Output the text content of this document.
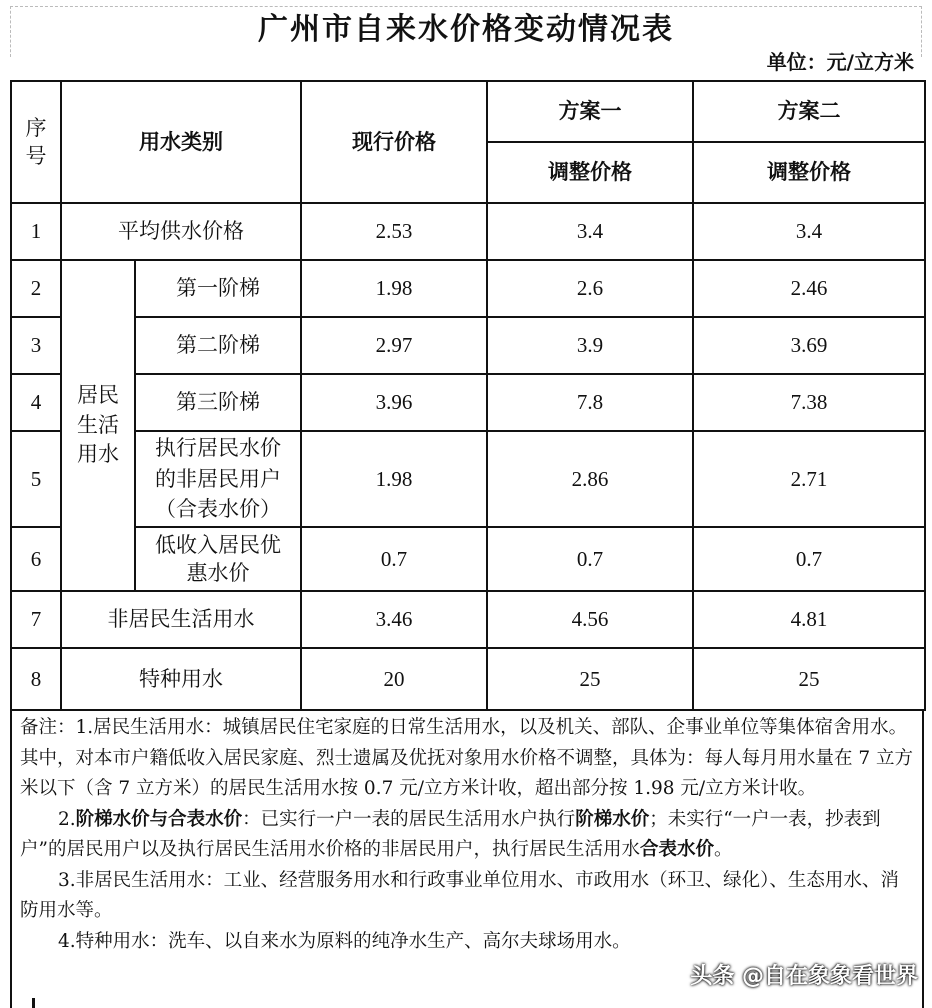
广州市自来水价格变动情况表
单位：元/立方米
序号	用水类别		现行价格	方案一	方案二
				调整价格	调整价格
1	平均供水价格		2.53	3.4	3.4
2	居民生活用水	第一阶梯	1.98	2.6	2.46
3		第二阶梯	2.97	3.9	3.69
4		第三阶梯	3.96	7.8	7.38
5		执行居民水价的非居民用户（合表水价）	1.98	2.86	2.71
6		低收入居民优惠水价	0.7	0.7	0.7
7	非居民生活用水		3.46	4.56	4.81
8	特种用水		20	25	25

备注：1.居民生活用水：城镇居民住宅家庭的日常生活用水，以及机关、部队、企事业单位等集体宿舍用水。其中，对本市户籍低收入居民家庭、烈士遗属及优抚对象用水价格不调整，具体为：每人每月用水量在 7 立方米以下（含 7 立方米）的居民生活用水按 0.7 元/立方米计收，超出部分按 1.98 元/立方米计收。

2.阶梯水价与合表水价：已实行一户一表的居民生活用水户执行阶梯水价；未实行“一户一表，抄表到户”的居民用户以及执行居民生活用水价格的非居民用户，执行居民生活用水合表水价。

3.非居民生活用水：工业、经营服务用水和行政事业单位用水、市政用水（环卫、绿化）、生态用水、消防用水等。

4.特种用水：洗车、以自来水为原料的纯净水生产、高尔夫球场用水。

头条 @自在象象看世界
